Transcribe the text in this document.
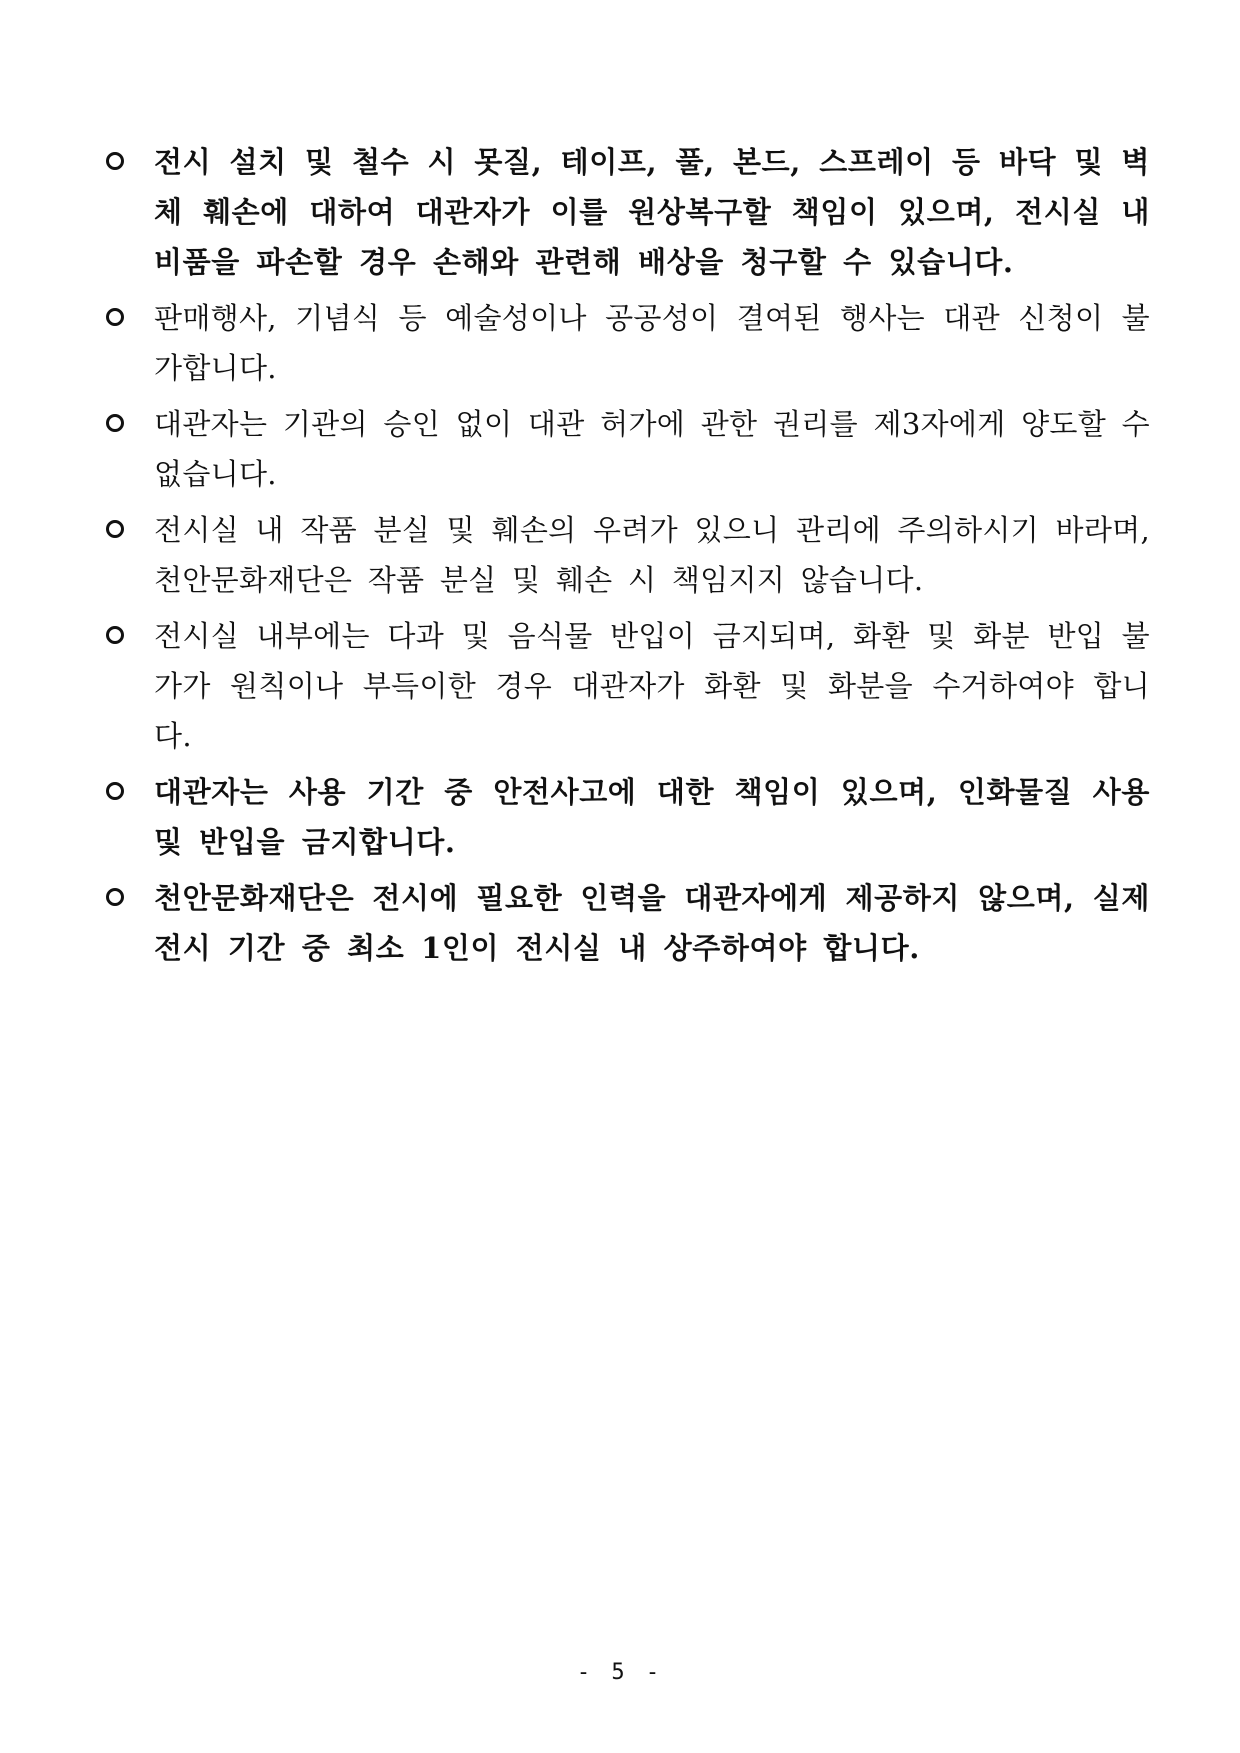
전시 설치 및 철수 시 못질, 테이프, 풀, 본드, 스프레이 등 바닥 및 벽체 훼손에 대하여 대관자가 이를 원상복구할 책임이 있으며, 전시실 내 비품을 파손할 경우 손해와 관련해 배상을 청구할 수 있습니다.
판매행사, 기념식 등 예술성이나 공공성이 결여된 행사는 대관 신청이 불가합니다.
대관자는 기관의 승인 없이 대관 허가에 관한 권리를 제3자에게 양도할 수 없습니다.
전시실 내 작품 분실 및 훼손의 우려가 있으니 관리에 주의하시기 바라며, 천안문화재단은 작품 분실 및 훼손 시 책임지지 않습니다.
전시실 내부에는 다과 및 음식물 반입이 금지되며, 화환 및 화분 반입 불가가 원칙이나 부득이한 경우 대관자가 화환 및 화분을 수거하여야 합니다.
대관자는 사용 기간 중 안전사고에 대한 책임이 있으며, 인화물질 사용 및 반입을 금지합니다.
천안문화재단은 전시에 필요한 인력을 대관자에게 제공하지 않으며, 실제 전시 기간 중 최소 1인이 전시실 내 상주하여야 합니다.
- 5 -
